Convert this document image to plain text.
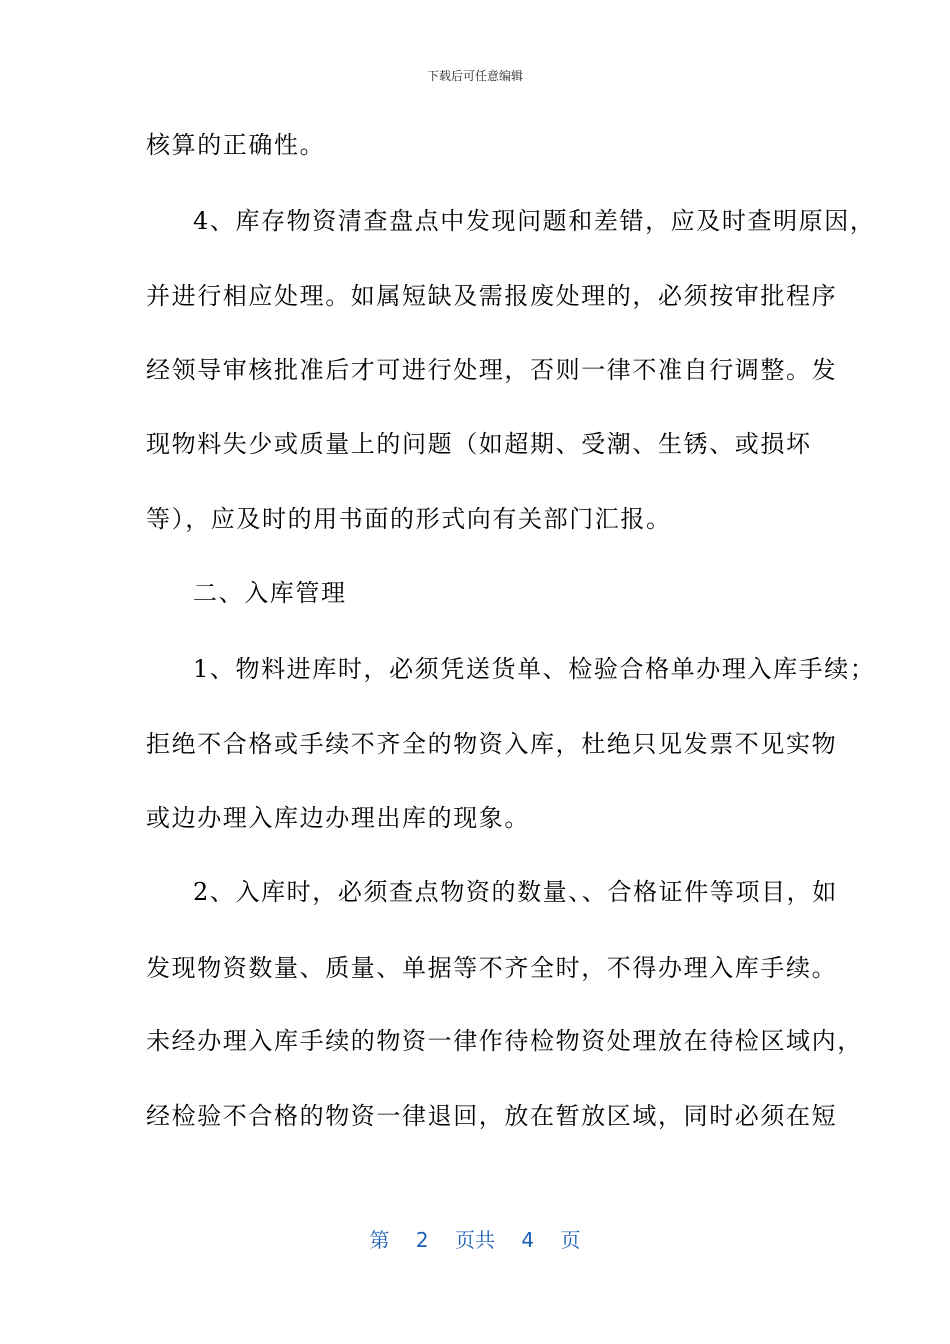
下载后可任意编辑
核算的正确性。
4、库存物资清查盘点中发现问题和差错，应及时查明原因，
并进行相应处理。如属短缺及需报废处理的，必须按审批程序
经领导审核批准后才可进行处理，否则一律不准自行调整。发
现物料失少或质量上的问题（如超期、受潮、生锈、或损坏
等），应及时的用书面的形式向有关部门汇报。
二、入库管理
1、物料进库时，必须凭送货单、检验合格单办理入库手续；
拒绝不合格或手续不齐全的物资入库，杜绝只见发票不见实物
或边办理入库边办理出库的现象。
2、入库时，必须查点物资的数量、、合格证件等项目，如
发现物资数量、质量、单据等不齐全时，不得办理入库手续。
未经办理入库手续的物资一律作待检物资处理放在待检区域内，
经检验不合格的物资一律退回，放在暂放区域，同时必须在短
第 2 页共 4 页
